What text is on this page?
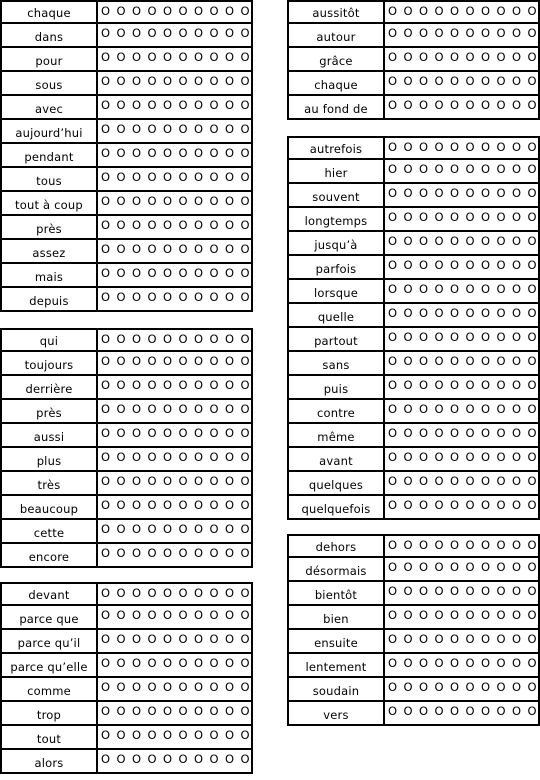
chaque	O O O O O O O O O O
dans	O O O O O O O O O O
pour	O O O O O O O O O O
sous	O O O O O O O O O O
avec	O O O O O O O O O O
aujourd’hui	O O O O O O O O O O
pendant	O O O O O O O O O O
tous	O O O O O O O O O O
tout à coup	O O O O O O O O O O
près	O O O O O O O O O O
assez	O O O O O O O O O O
mais	O O O O O O O O O O
depuis	O O O O O O O O O O
qui	O O O O O O O O O O
toujours	O O O O O O O O O O
derrière	O O O O O O O O O O
près	O O O O O O O O O O
aussi	O O O O O O O O O O
plus	O O O O O O O O O O
très	O O O O O O O O O O
beaucoup	O O O O O O O O O O
cette	O O O O O O O O O O
encore	O O O O O O O O O O
devant	O O O O O O O O O O
parce que	O O O O O O O O O O
parce qu’il	O O O O O O O O O O
parce qu’elle	O O O O O O O O O O
comme	O O O O O O O O O O
trop	O O O O O O O O O O
tout	O O O O O O O O O O
alors	O O O O O O O O O O
aussitôt	O O O O O O O O O O
autour	O O O O O O O O O O
grâce	O O O O O O O O O O
chaque	O O O O O O O O O O
au fond de	O O O O O O O O O O
autrefois	O O O O O O O O O O
hier	O O O O O O O O O O
souvent	O O O O O O O O O O
longtemps	O O O O O O O O O O
jusqu’à	O O O O O O O O O O
parfois	O O O O O O O O O O
lorsque	O O O O O O O O O O
quelle	O O O O O O O O O O
partout	O O O O O O O O O O
sans	O O O O O O O O O O
puis	O O O O O O O O O O
contre	O O O O O O O O O O
même	O O O O O O O O O O
avant	O O O O O O O O O O
quelques	O O O O O O O O O O
quelquefois	O O O O O O O O O O
dehors	O O O O O O O O O O
désormais	O O O O O O O O O O
bientôt	O O O O O O O O O O
bien	O O O O O O O O O O
ensuite	O O O O O O O O O O
lentement	O O O O O O O O O O
soudain	O O O O O O O O O O
vers	O O O O O O O O O O
